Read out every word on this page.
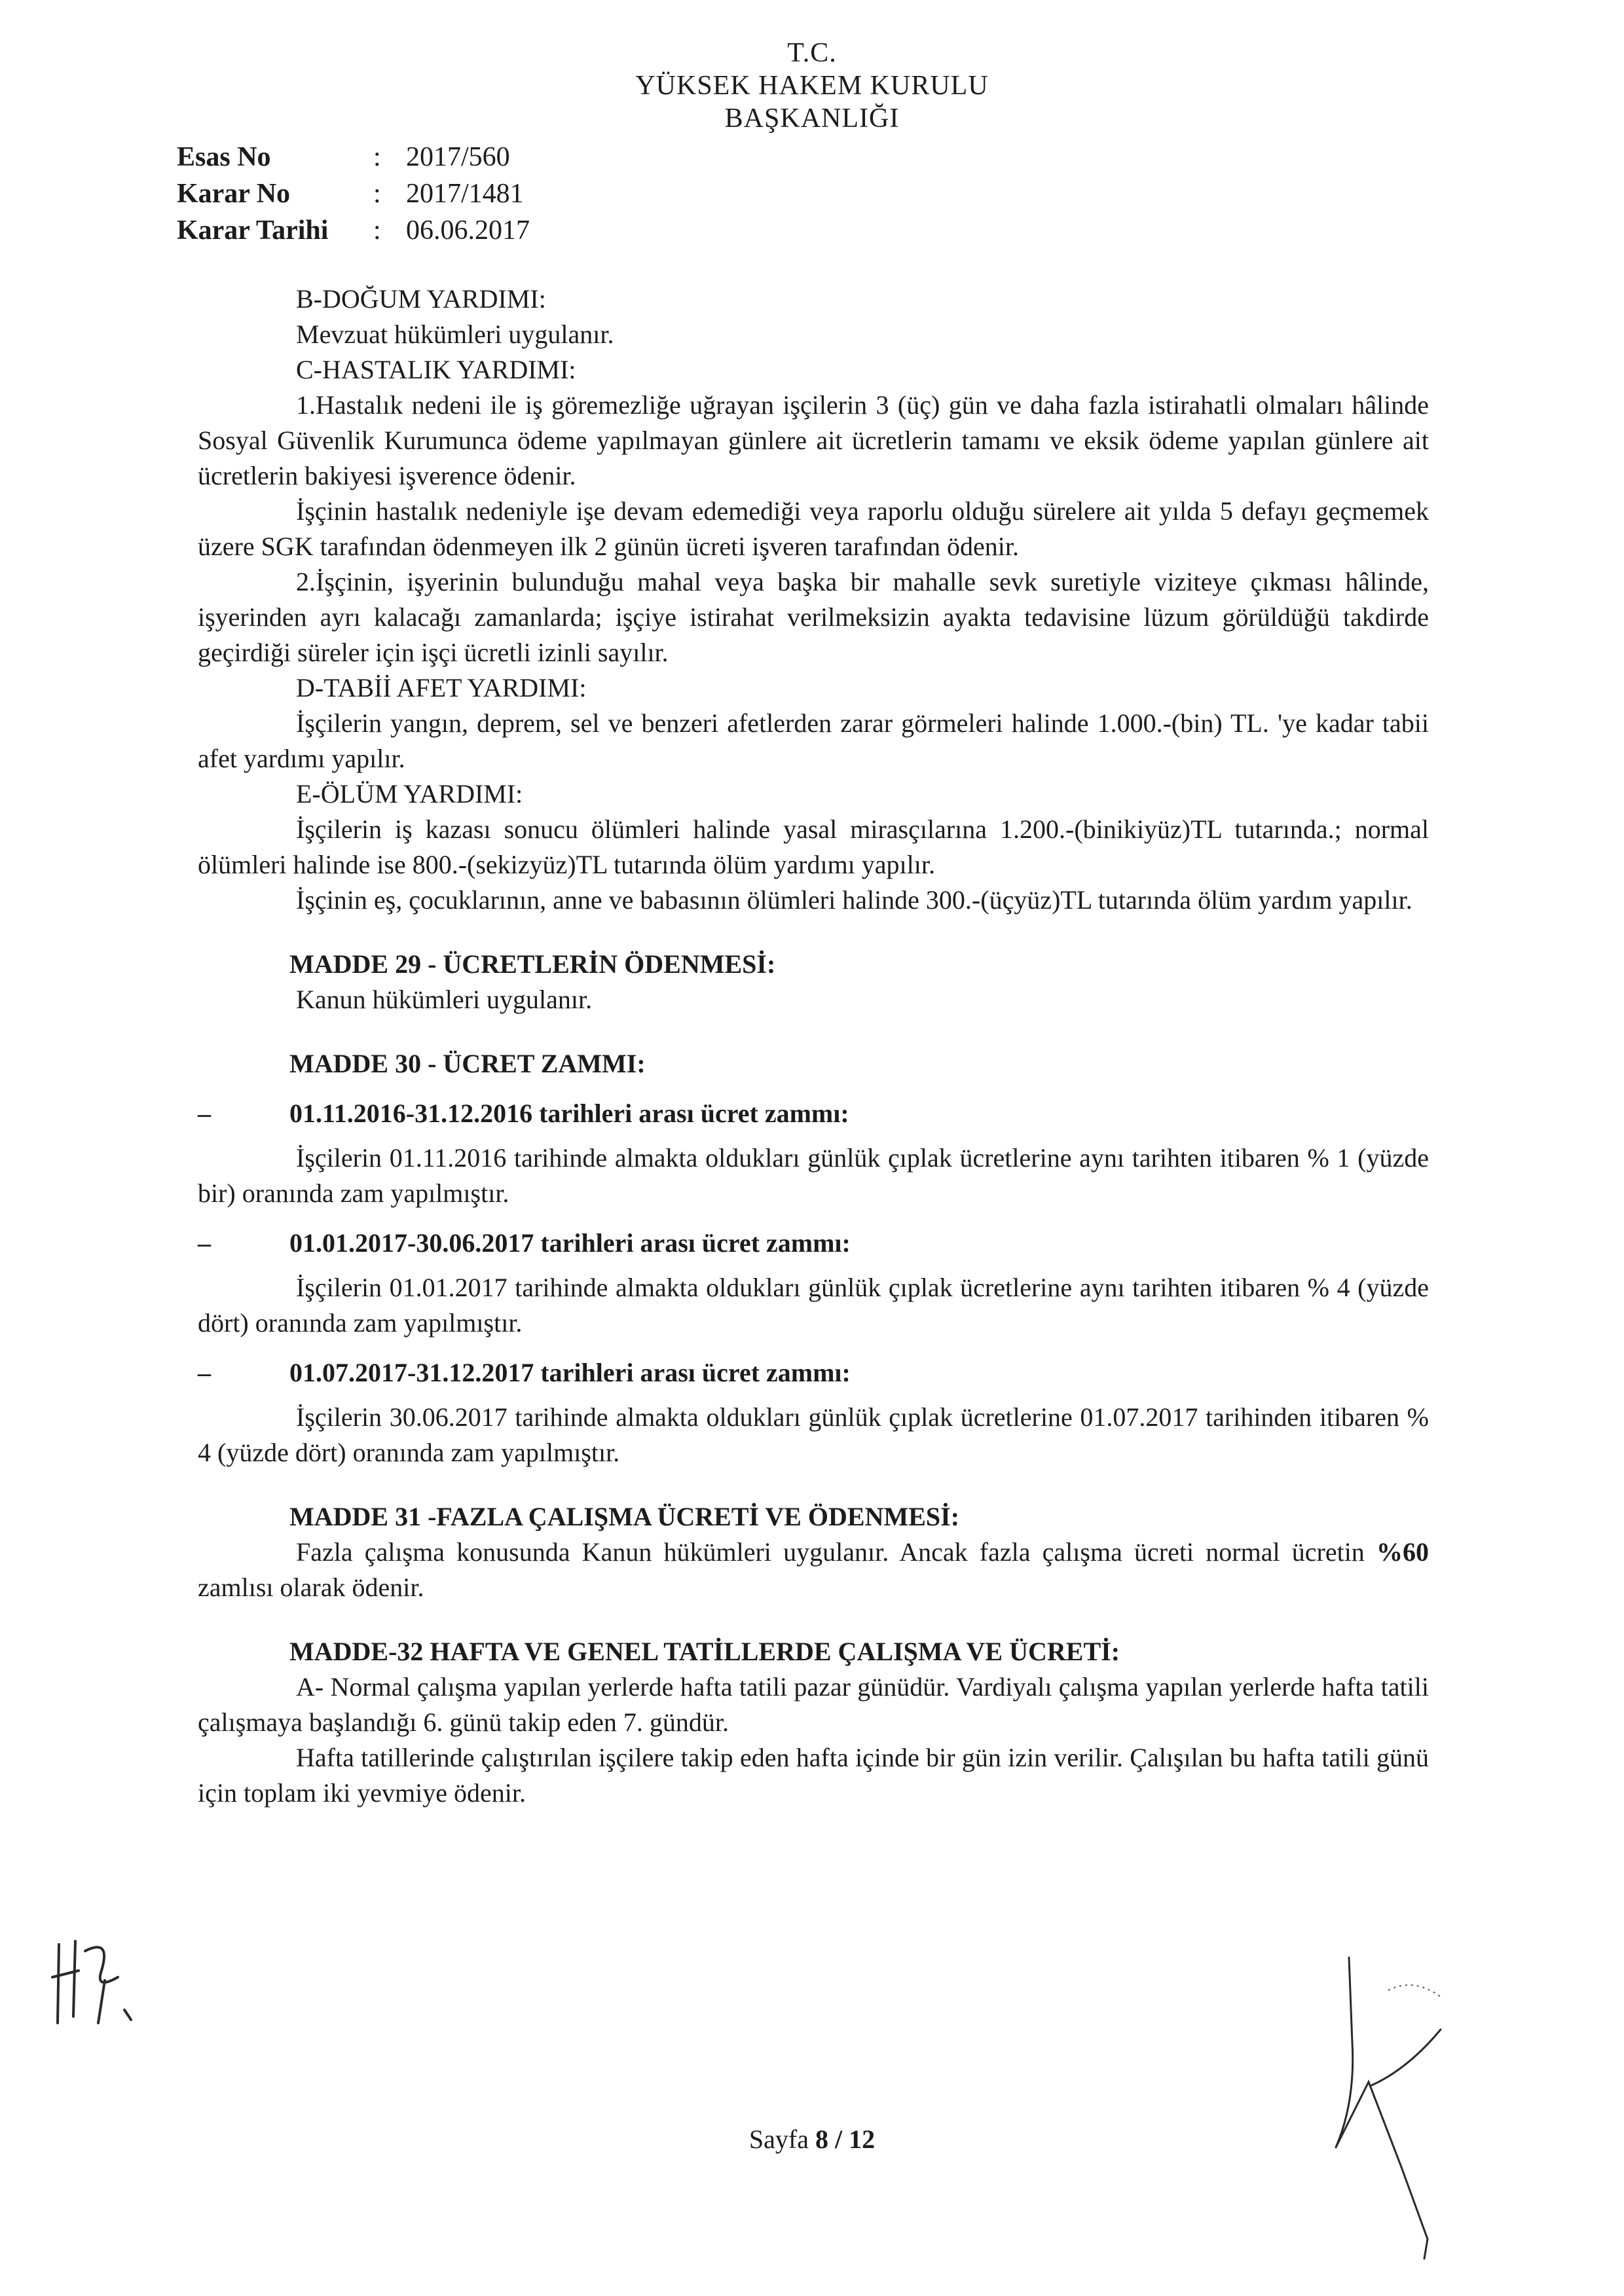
T.C.
YÜKSEK HAKEM KURULU
BAŞKANLIĞI
Esas No	: 2017/560
Karar No	: 2017/1481
Karar Tarihi	: 06.06.2017
B-DOĞUM YARDIMI:
Mevzuat hükümleri uygulanır.
C-HASTALIK YARDIMI:
1.Hastalık nedeni ile iş göremezliğe uğrayan işçilerin 3 (üç) gün ve daha fazla istirahatli olmaları hâlinde Sosyal Güvenlik Kurumunca ödeme yapılmayan günlere ait ücretlerin tamamı ve eksik ödeme yapılan günlere ait ücretlerin bakiyesi işverence ödenir.
İşçinin hastalık nedeniyle işe devam edemediği veya raporlu olduğu sürelere ait yılda 5 defayı geçmemek üzere SGK tarafından ödenmeyen ilk 2 günün ücreti işveren tarafından ödenir.
2.İşçinin, işyerinin bulunduğu mahal veya başka bir mahalle sevk suretiyle viziteye çıkması hâlinde, işyerinden ayrı kalacağı zamanlarda; işçiye istirahat verilmeksizin ayakta tedavisine lüzum görüldüğü takdirde geçirdiği süreler için işçi ücretli izinli sayılır.
D-TABİİ AFET YARDIMI:
İşçilerin yangın, deprem, sel ve benzeri afetlerden zarar görmeleri halinde 1.000.-(bin) TL. 'ye kadar tabii afet yardımı yapılır.
E-ÖLÜM YARDIMI:
İşçilerin iş kazası sonucu ölümleri halinde yasal mirasçılarına 1.200.-(binikiyüz)TL tutarında.; normal ölümleri halinde ise 800.-(sekizyüz)TL tutarında ölüm yardımı yapılır.
İşçinin eş, çocuklarının, anne ve babasının ölümleri halinde 300.-(üçyüz)TL tutarında ölüm yardım yapılır.
MADDE 29 - ÜCRETLERİN ÖDENMESİ:
Kanun hükümleri uygulanır.
MADDE 30 - ÜCRET ZAMMI:
–	01.11.2016-31.12.2016 tarihleri arası ücret zammı:
İşçilerin 01.11.2016 tarihinde almakta oldukları günlük çıplak ücretlerine aynı tarihten itibaren % 1 (yüzde bir) oranında zam yapılmıştır.
–	01.01.2017-30.06.2017 tarihleri arası ücret zammı:
İşçilerin 01.01.2017 tarihinde almakta oldukları günlük çıplak ücretlerine aynı tarihten itibaren % 4 (yüzde dört) oranında zam yapılmıştır.
–	01.07.2017-31.12.2017 tarihleri arası ücret zammı:
İşçilerin 30.06.2017 tarihinde almakta oldukları günlük çıplak ücretlerine 01.07.2017 tarihinden itibaren % 4 (yüzde dört) oranında zam yapılmıştır.
MADDE 31 -FAZLA ÇALIŞMA ÜCRETİ VE ÖDENMESİ:
Fazla çalışma konusunda Kanun hükümleri uygulanır. Ancak fazla çalışma ücreti normal ücretin %60 zamlısı olarak ödenir.
MADDE-32 HAFTA VE GENEL TATİLLERDE ÇALIŞMA VE ÜCRETİ:
A- Normal çalışma yapılan yerlerde hafta tatili pazar günüdür. Vardiyalı çalışma yapılan yerlerde hafta tatili çalışmaya başlandığı 6. günü takip eden 7. gündür.
Hafta tatillerinde çalıştırılan işçilere takip eden hafta içinde bir gün izin verilir. Çalışılan bu hafta tatili günü için toplam iki yevmiye ödenir.
Sayfa 8 / 12
